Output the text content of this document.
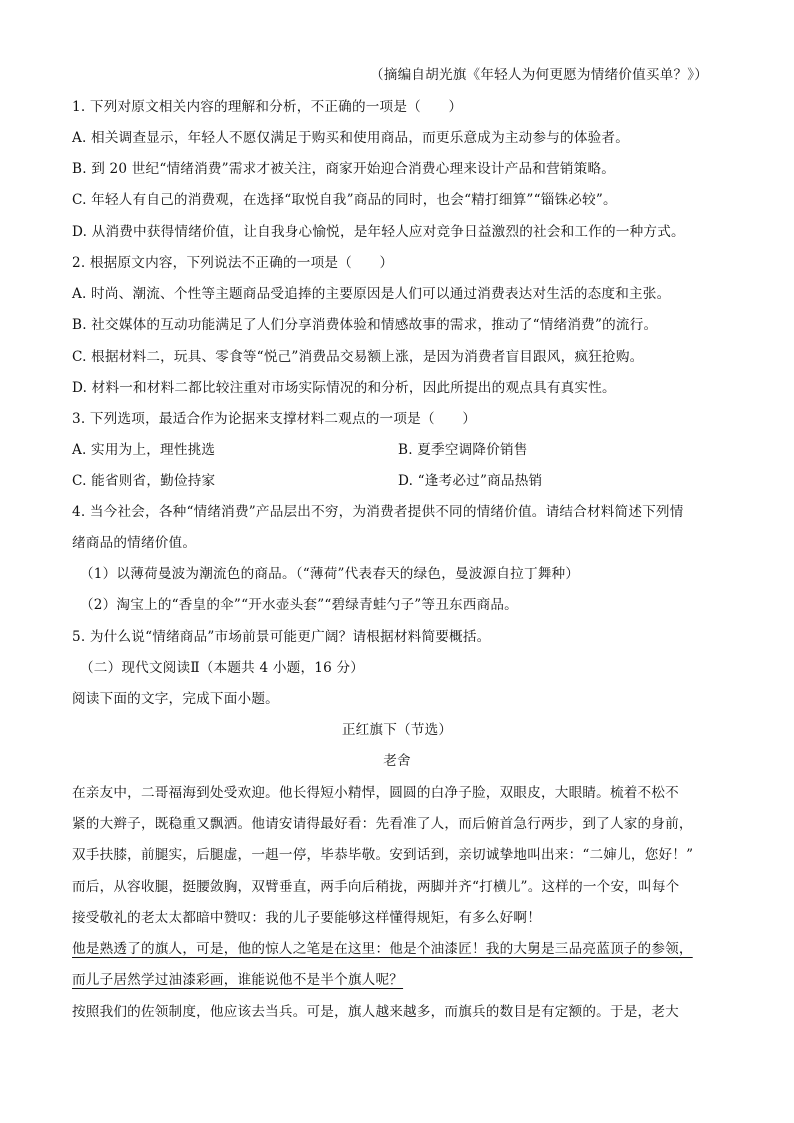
（摘编自胡光旗《年轻人为何更愿为情绪价值买单？》）
1. 下列对原文相关内容的理解和分析，不正确的一项是（　　）
A. 相关调查显示，年轻人不愿仅满足于购买和使用商品，而更乐意成为主动参与的体验者。
B. 到 20 世纪“情绪消费”需求才被关注，商家开始迎合消费心理来设计产品和营销策略。
C. 年轻人有自己的消费观，在选择“取悦自我”商品的同时，也会“精打细算”“锱铢必较”。
D. 从消费中获得情绪价值，让自我身心愉悦，是年轻人应对竞争日益激烈的社会和工作的一种方式。
2. 根据原文内容，下列说法不正确的一项是（　　）
A. 时尚、潮流、个性等主题商品受追捧的主要原因是人们可以通过消费表达对生活的态度和主张。
B. 社交媒体的互动功能满足了人们分享消费体验和情感故事的需求，推动了“情绪消费”的流行。
C. 根据材料二，玩具、零食等“悦己”消费品交易额上涨，是因为消费者盲目跟风，疯狂抢购。
D. 材料一和材料二都比较注重对市场实际情况的和分析，因此所提出的观点具有真实性。
3. 下列选项，最适合作为论据来支撑材料二观点的一项是（　　）
A. 实用为上，理性挑选	B. 夏季空调降价销售
C. 能省则省，勤俭持家	D. “逢考必过”商品热销
4. 当今社会，各种“情绪消费”产品层出不穷，为消费者提供不同的情绪价值。请结合材料简述下列情
绪商品的情绪价值。
（1）以薄荷曼波为潮流色的商品。（“薄荷”代表春天的绿色，曼波源自拉丁舞种）
（2）淘宝上的“香皇的伞”“开水壶头套”“碧绿青蛙勺子”等丑东西商品。
5. 为什么说“情绪商品”市场前景可能更广阔？请根据材料简要概括。
（二）现代文阅读Ⅱ（本题共 4 小题，16 分）
阅读下面的文字，完成下面小题。
正红旗下（节选）
老舍
在亲友中，二哥福海到处受欢迎。他长得短小精悍，圆圆的白净子脸，双眼皮，大眼睛。梳着不松不
紧的大辫子，既稳重又飘洒。他请安请得最好看：先看准了人，而后俯首急行两步，到了人家的身前，
双手扶膝，前腿实，后腿虚，一趄一停，毕恭毕敬。安到话到，亲切诚挚地叫出来：“二婶儿，您好！”
而后，从容收腿，挺腰敛胸，双臂垂直，两手向后稍拢，两脚并齐“打横儿”。这样的一个安，叫每个
接受敬礼的老太太都暗中赞叹：我的儿子要能够这样懂得规矩，有多么好啊！
他是熟透了的旗人，可是，他的惊人之笔是在这里：他是个油漆匠！我的大舅是三品亮蓝顶子的参领，
而儿子居然学过油漆彩画，谁能说他不是半个旗人呢？
按照我们的佐领制度，他应该去当兵。可是，旗人越来越多，而旗兵的数目是有定额的。于是，老大
